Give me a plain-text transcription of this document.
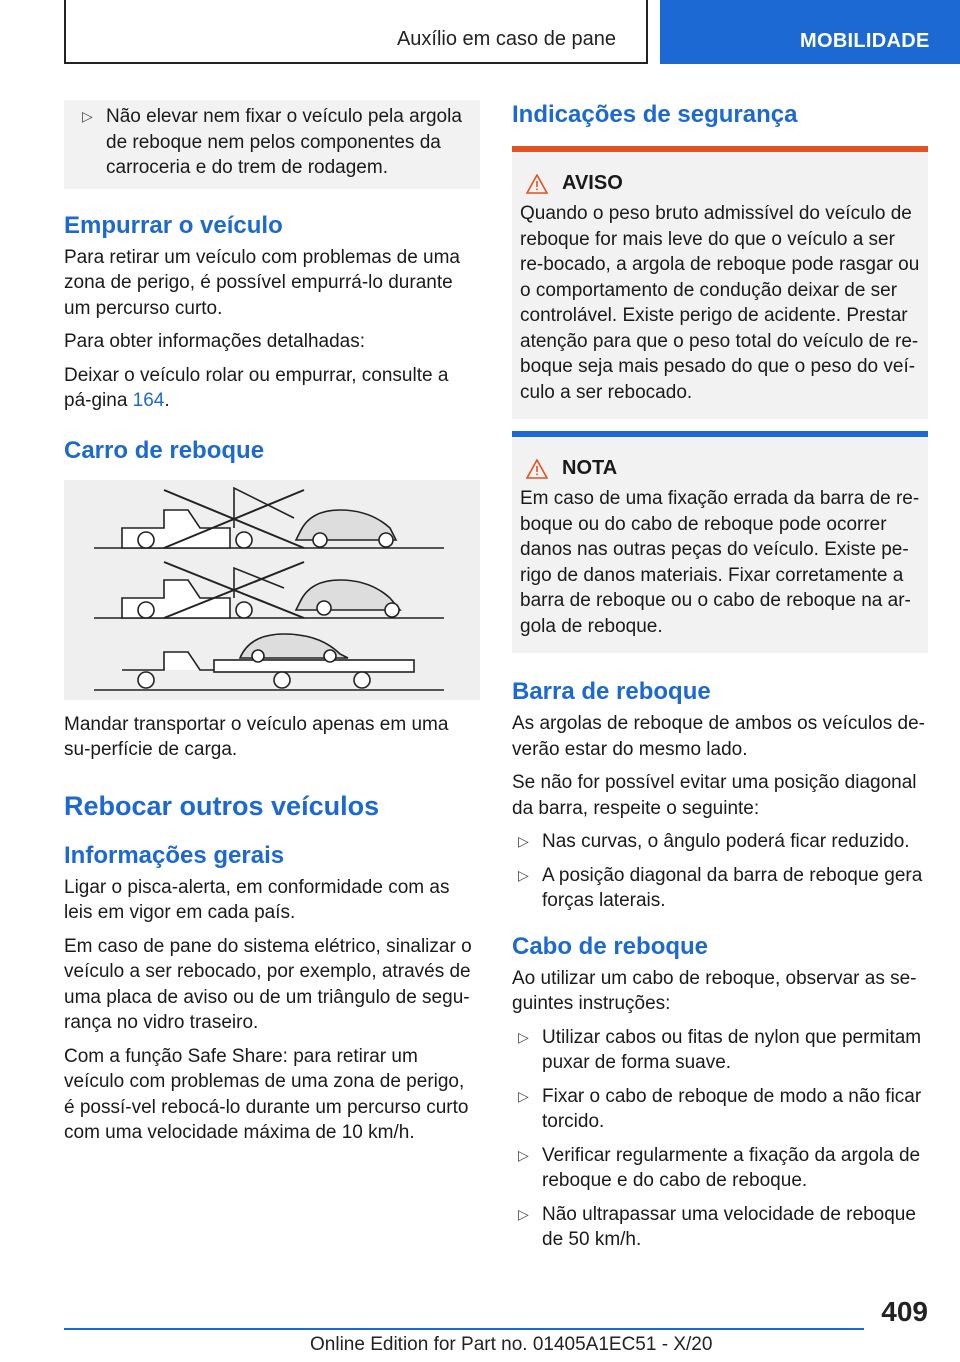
Auxílio em caso de pane	MOBILIDADE
▷ Não elevar nem fixar o veículo pela argola de reboque nem pelos componentes da carroceria e do trem de rodagem.
Empurrar o veículo

Para retirar um veículo com problemas de uma zona de perigo, é possível empurrá-lo durante um percurso curto.

Para obter informações detalhadas:

Deixar o veículo rolar ou empurrar, consulte a pá-gina 164.

Carro de reboque

Mandar transportar o veículo apenas em uma su-perfície de carga.

Rebocar outros veículos
Informações gerais

Ligar o pisca-alerta, em conformidade com as leis em vigor em cada país.

Em caso de pane do sistema elétrico, sinalizar o veículo a ser rebocado, por exemplo, através de uma placa de aviso ou de um triângulo de segu-rança no vidro traseiro.

Com a função Safe Share: para retirar um veículo com problemas de uma zona de perigo, é possí-vel rebocá-lo durante um percurso curto com uma velocidade máxima de 10 km/h.

Indicações de segurança
AVISO

Quando o peso bruto admissível do veículo de reboque for mais leve do que o veículo a ser re-bocado, a argola de reboque pode rasgar ou o comportamento de condução deixar de ser controlável. Existe perigo de acidente. Prestar atenção para que o peso total do veículo de re-boque seja mais pesado do que o peso do veí-culo a ser rebocado.

NOTA

Em caso de uma fixação errada da barra de re-boque ou do cabo de reboque pode ocorrer danos nas outras peças do veículo. Existe pe-rigo de danos materiais. Fixar corretamente a barra de reboque ou o cabo de reboque na ar-gola de reboque.

Barra de reboque

As argolas de reboque de ambos os veículos de-verão estar do mesmo lado.

Se não for possível evitar uma posição diagonal da barra, respeite o seguinte:

▷ Nas curvas, o ângulo poderá ficar reduzido.
▷ A posição diagonal da barra de reboque gera forças laterais.
Cabo de reboque

Ao utilizar um cabo de reboque, observar as se-guintes instruções:

▷ Utilizar cabos ou fitas de nylon que permitam puxar de forma suave.
▷ Fixar o cabo de reboque de modo a não ficar torcido.
▷ Verificar regularmente a fixação da argola de reboque e do cabo de reboque.
▷ Não ultrapassar uma velocidade de reboque de 50 km/h.
409
Online Edition for Part no. 01405A1EC51 - X/20
